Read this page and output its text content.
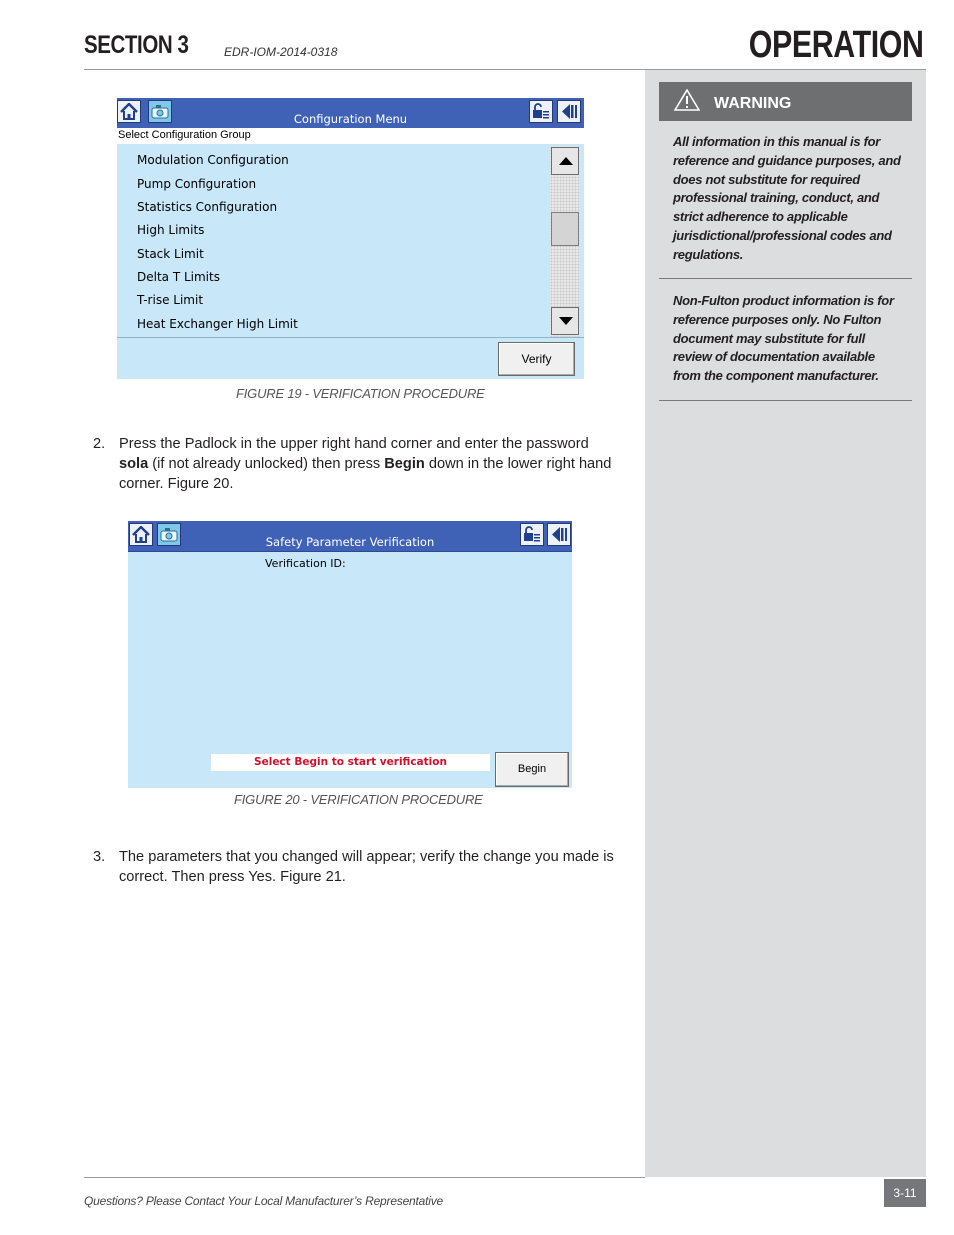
SECTION 3	EDR-IOM-2014-0318	OPERATION
WARNING
All information in this manual is for reference and guidance purposes, and does not substitute for required professional training, conduct, and strict adherence to applicable jurisdictional/professional codes and regulations.
Non-Fulton product information is for reference purposes only. No Fulton document may substitute for full review of documentation available from the component manufacturer.
Configuration Menu
Select Configuration Group
Modulation Configuration
Pump Configuration
Statistics Configuration
High Limits
Stack Limit
Delta T Limits
T-rise Limit
Heat Exchanger High Limit
Verify
FIGURE 19 - VERIFICATION PROCEDURE
2. Press the Padlock in the upper right hand corner and enter the password sola (if not already unlocked) then press Begin down in the lower right hand corner. Figure 20.
Safety Parameter Verification
Verification ID:
Select Begin to start verification
Begin
FIGURE 20 - VERIFICATION PROCEDURE
3. The parameters that you changed will appear; verify the change you made is correct. Then press Yes. Figure 21.
Questions? Please Contact Your Local Manufacturer’s Representative
3-11
